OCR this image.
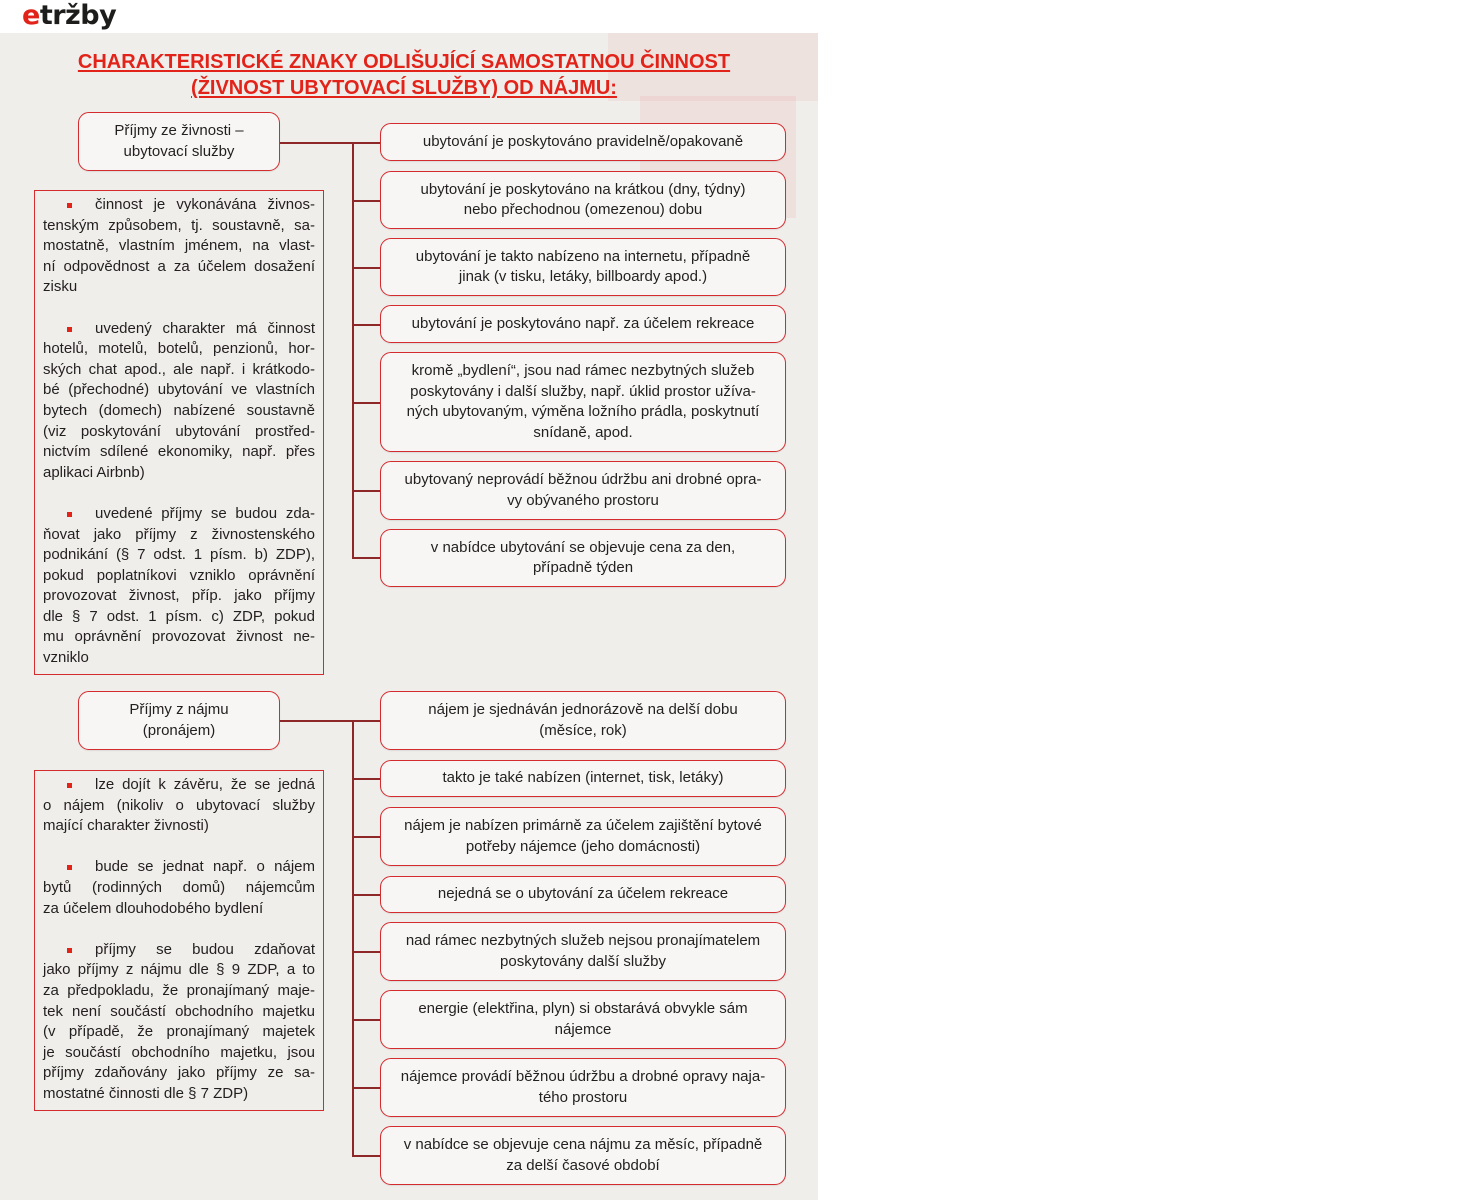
etržby
CHARAKTERISTICKÉ ZNAKY ODLIŠUJÍCÍ SAMOSTATNOU ČINNOST
(ŽIVNOST UBYTOVACÍ SLUŽBY) OD NÁJMU:
Příjmy ze živnosti –
ubytovací služby
ubytování je poskytováno pravidelně/opakovaně
ubytování je poskytováno na krátkou (dny, týdny)
nebo přechodnou (omezenou) dobu
ubytování je takto nabízeno na internetu, případně
jinak (v tisku, letáky, billboardy apod.)
ubytování je poskytováno např. za účelem rekreace
kromě „bydlení“, jsou nad rámec nezbytných služeb
poskytovány i další služby, např. úklid prostor užíva-
ných ubytovaným, výměna ložního prádla, poskytnutí
snídaně, apod.
ubytovaný neprovádí běžnou údržbu ani drobné opra-
vy obývaného prostoru
v nabídce ubytování se objevuje cena za den,
případně týden
činnost je vykonávána živnos-
tenským způsobem, tj. soustavně, sa-
mostatně, vlastním jménem, na vlast-
ní odpovědnost a za účelem dosažení
zisku
uvedený charakter má činnost
hotelů, motelů, botelů, penzionů, hor-
ských chat apod., ale např. i krátkodo-
bé (přechodné) ubytování ve vlastních
bytech (domech) nabízené soustavně
(viz poskytování ubytování prostřed-
nictvím sdílené ekonomiky, např. přes
aplikaci Airbnb)
uvedené příjmy se budou zda-
ňovat jako příjmy z živnostenského
podnikání (§ 7 odst. 1 písm. b) ZDP),
pokud poplatníkovi vzniklo oprávnění
provozovat živnost, příp. jako příjmy
dle § 7 odst. 1 písm. c) ZDP, pokud
mu oprávnění provozovat živnost ne-
vzniklo
Příjmy z nájmu
(pronájem)
nájem je sjednáván jednorázově na delší dobu
(měsíce, rok)
takto je také nabízen (internet, tisk, letáky)
nájem je nabízen primárně za účelem zajištění bytové
potřeby nájemce (jeho domácnosti)
nejedná se o ubytování za účelem rekreace
nad rámec nezbytných služeb nejsou pronajímatelem
poskytovány další služby
energie (elektřina, plyn) si obstarává obvykle sám
nájemce
nájemce provádí běžnou údržbu a drobné opravy naja-
tého prostoru
v nabídce se objevuje cena nájmu za měsíc, případně
za delší časové období
lze dojít k závěru, že se jedná
o nájem (nikoliv o ubytovací služby
mající charakter živnosti)
bude se jednat např. o nájem
bytů (rodinných domů) nájemcům
za účelem dlouhodobého bydlení
příjmy se budou zdaňovat
jako příjmy z nájmu dle § 9 ZDP, a to
za předpokladu, že pronajímaný maje-
tek není součástí obchodního majetku
(v případě, že pronajímaný majetek
je součástí obchodního majetku, jsou
příjmy zdaňovány jako příjmy ze sa-
mostatné činnosti dle § 7 ZDP)
